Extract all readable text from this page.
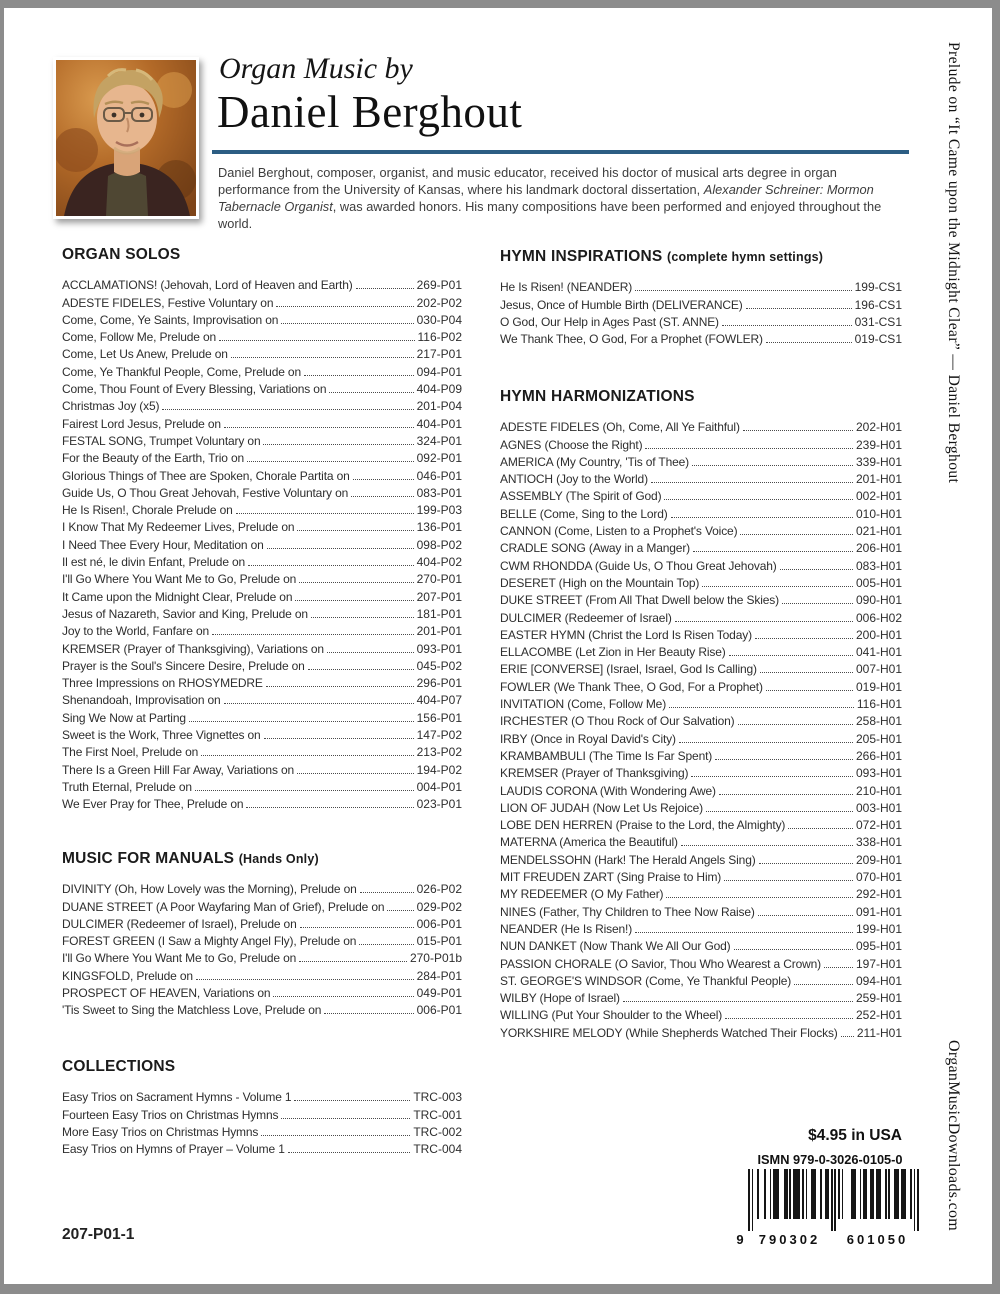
Organ Music by
Daniel Berghout
Daniel Berghout, composer, organist, and music educator, received his doctor of musical arts degree in organ performance from the University of Kansas, where his landmark doctoral dissertation, Alexander Schreiner: Mormon Tabernacle Organist, was awarded honors. His many compositions have been performed and enjoyed throughout the world.
ORGAN SOLOS
ACCLAMATIONS! (Jehovah, Lord of Heaven and Earth)	269-P01
ADESTE FIDELES, Festive Voluntary on	202-P02
Come, Come, Ye Saints, Improvisation on	030-P04
Come, Follow Me, Prelude on	116-P02
Come, Let Us Anew, Prelude on	217-P01
Come, Ye Thankful People, Come, Prelude on	094-P01
Come, Thou Fount of Every Blessing, Variations on	404-P09
Christmas Joy (x5)	201-P04
Fairest Lord Jesus, Prelude on	404-P01
FESTAL SONG, Trumpet Voluntary on	324-P01
For the Beauty of the Earth, Trio on	092-P01
Glorious Things of Thee are Spoken, Chorale Partita on	046-P01
Guide Us, O Thou Great Jehovah, Festive Voluntary on	083-P01
He Is Risen!, Chorale Prelude on	199-P03
I Know That My Redeemer Lives, Prelude on	136-P01
I Need Thee Every Hour, Meditation on	098-P02
Il est né, le divin Enfant, Prelude on	404-P02
I'll Go Where You Want Me to Go, Prelude on	270-P01
It Came upon the Midnight Clear, Prelude on	207-P01
Jesus of Nazareth, Savior and King, Prelude on	181-P01
Joy to the World, Fanfare on	201-P01
KREMSER (Prayer of Thanksgiving), Variations on	093-P01
Prayer is the Soul's Sincere Desire, Prelude on	045-P02
Three Impressions on RHOSYMEDRE	296-P01
Shenandoah, Improvisation on	404-P07
Sing We Now at Parting	156-P01
Sweet is the Work, Three Vignettes on	147-P02
The First Noel, Prelude on	213-P02
There Is a Green Hill Far Away, Variations on	194-P02
Truth Eternal, Prelude on	004-P01
We Ever Pray for Thee, Prelude on	023-P01
MUSIC FOR MANUALS (Hands Only)
DIVINITY (Oh, How Lovely was the Morning), Prelude on	026-P02
DUANE STREET (A Poor Wayfaring Man of Grief), Prelude on	029-P02
DULCIMER (Redeemer of Israel), Prelude on	006-P01
FOREST GREEN (I Saw a Mighty Angel Fly), Prelude on	015-P01
I'll Go Where You Want Me to Go, Prelude on	270-P01b
KINGSFOLD, Prelude on	284-P01
PROSPECT OF HEAVEN, Variations on	049-P01
'Tis Sweet to Sing the Matchless Love, Prelude on	006-P01
COLLECTIONS
Easy Trios on Sacrament Hymns - Volume 1	TRC-003
Fourteen Easy Trios on Christmas Hymns	TRC-001
More Easy Trios on Christmas Hymns	TRC-002
Easy Trios on Hymns of Prayer – Volume 1	TRC-004
HYMN INSPIRATIONS (complete hymn settings)
He Is Risen! (NEANDER)	199-CS1
Jesus, Once of Humble Birth (DELIVERANCE)	196-CS1
O God, Our Help in Ages Past (ST. ANNE)	031-CS1
We Thank Thee, O God, For a Prophet (FOWLER)	019-CS1
HYMN HARMONIZATIONS
ADESTE FIDELES (Oh, Come, All Ye Faithful)	202-H01
AGNES (Choose the Right)	239-H01
AMERICA (My Country, 'Tis of Thee)	339-H01
ANTIOCH (Joy to the World)	201-H01
ASSEMBLY (The Spirit of God)	002-H01
BELLE (Come, Sing to the Lord)	010-H01
CANNON (Come, Listen to a Prophet's Voice)	021-H01
CRADLE SONG (Away in a Manger)	206-H01
CWM RHONDDA (Guide Us, O Thou Great Jehovah)	083-H01
DESERET (High on the Mountain Top)	005-H01
DUKE STREET (From All That Dwell below the Skies)	090-H01
DULCIMER (Redeemer of Israel)	006-H02
EASTER HYMN (Christ the Lord Is Risen Today)	200-H01
ELLACOMBE (Let Zion in Her Beauty Rise)	041-H01
ERIE [CONVERSE] (Israel, Israel, God Is Calling)	007-H01
FOWLER (We Thank Thee, O God, For a Prophet)	019-H01
INVITATION (Come, Follow Me)	116-H01
IRCHESTER (O Thou Rock of Our Salvation)	258-H01
IRBY (Once in Royal David's City)	205-H01
KRAMBAMBULI (The Time Is Far Spent)	266-H01
KREMSER (Prayer of Thanksgiving)	093-H01
LAUDIS CORONA (With Wondering Awe)	210-H01
LION OF JUDAH (Now Let Us Rejoice)	003-H01
LOBE DEN HERREN (Praise to the Lord, the Almighty)	072-H01
MATERNA (America the Beautiful)	338-H01
MENDELSSOHN (Hark! The Herald Angels Sing)	209-H01
MIT FREUDEN ZART (Sing Praise to Him)	070-H01
MY REDEEMER (O My Father)	292-H01
NINES (Father, Thy Children to Thee Now Raise)	091-H01
NEANDER (He Is Risen!)	199-H01
NUN DANKET (Now Thank We All Our God)	095-H01
PASSION CHORALE (O Savior, Thou Who Wearest a Crown)	197-H01
ST. GEORGE'S WINDSOR (Come, Ye Thankful People)	094-H01
WILBY (Hope of Israel)	259-H01
WILLING (Put Your Shoulder to the Wheel)	252-H01
YORKSHIRE MELODY (While Shepherds Watched Their Flocks) 211-H01
Prelude on “It Came upon the Midnight Clear” — Daniel Berghout
OrganMusicDownloads.com
207-P01-1
$4.95 in USA
ISMN 979-0-3026-0105-0
9	790302	601050
